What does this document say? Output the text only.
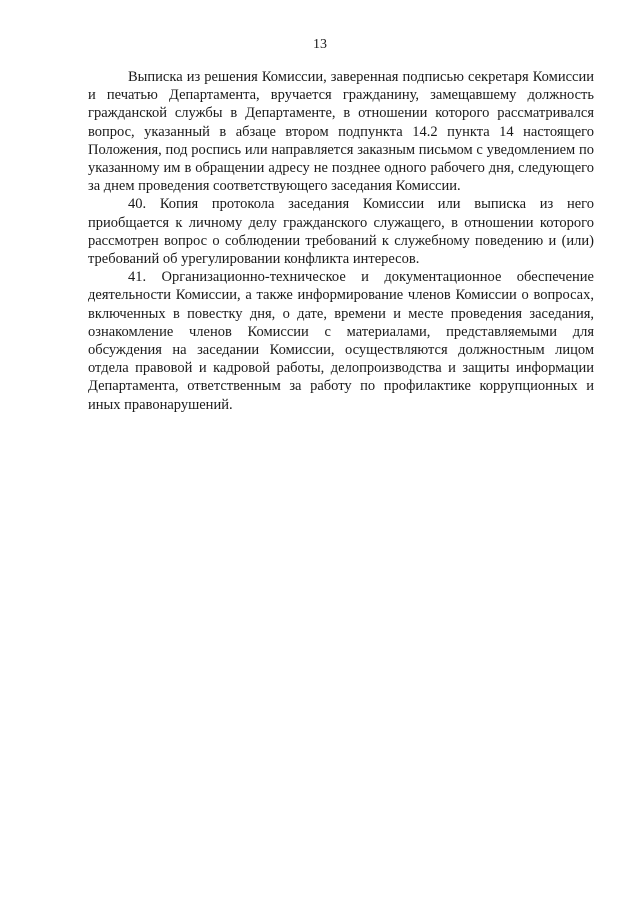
13

Выписка из решения Комиссии, заверенная подписью секретаря Комиссии и печатью Департамента, вручается гражданину, замещавшему должность гражданской службы в Департаменте, в отношении которого рассматривался вопрос, указанный в абзаце втором подпункта 14.2 пункта 14 настоящего Положения, под роспись или направляется заказным письмом с уведомлением по указанному им в обращении адресу не позднее одного рабочего дня, следующего за днем проведения соответствующего заседания Комиссии.

40. Копия протокола заседания Комиссии или выписка из него приобщается к личному делу гражданского служащего, в отношении которого рассмотрен вопрос о соблюдении требований к служебному поведению и (или) требований об урегулировании конфликта интересов.

41. Организационно-техническое и документационное обеспечение деятельности Комиссии, а также информирование членов Комиссии о вопросах, включенных в повестку дня, о дате, времени и месте проведения заседания, ознакомление членов Комиссии с материалами, представляемыми для обсуждения на заседании Комиссии, осуществляются должностным лицом отдела правовой и кадровой работы, делопроизводства и защиты информации Департамента, ответственным за работу по профилактике коррупционных и иных правонарушений.
